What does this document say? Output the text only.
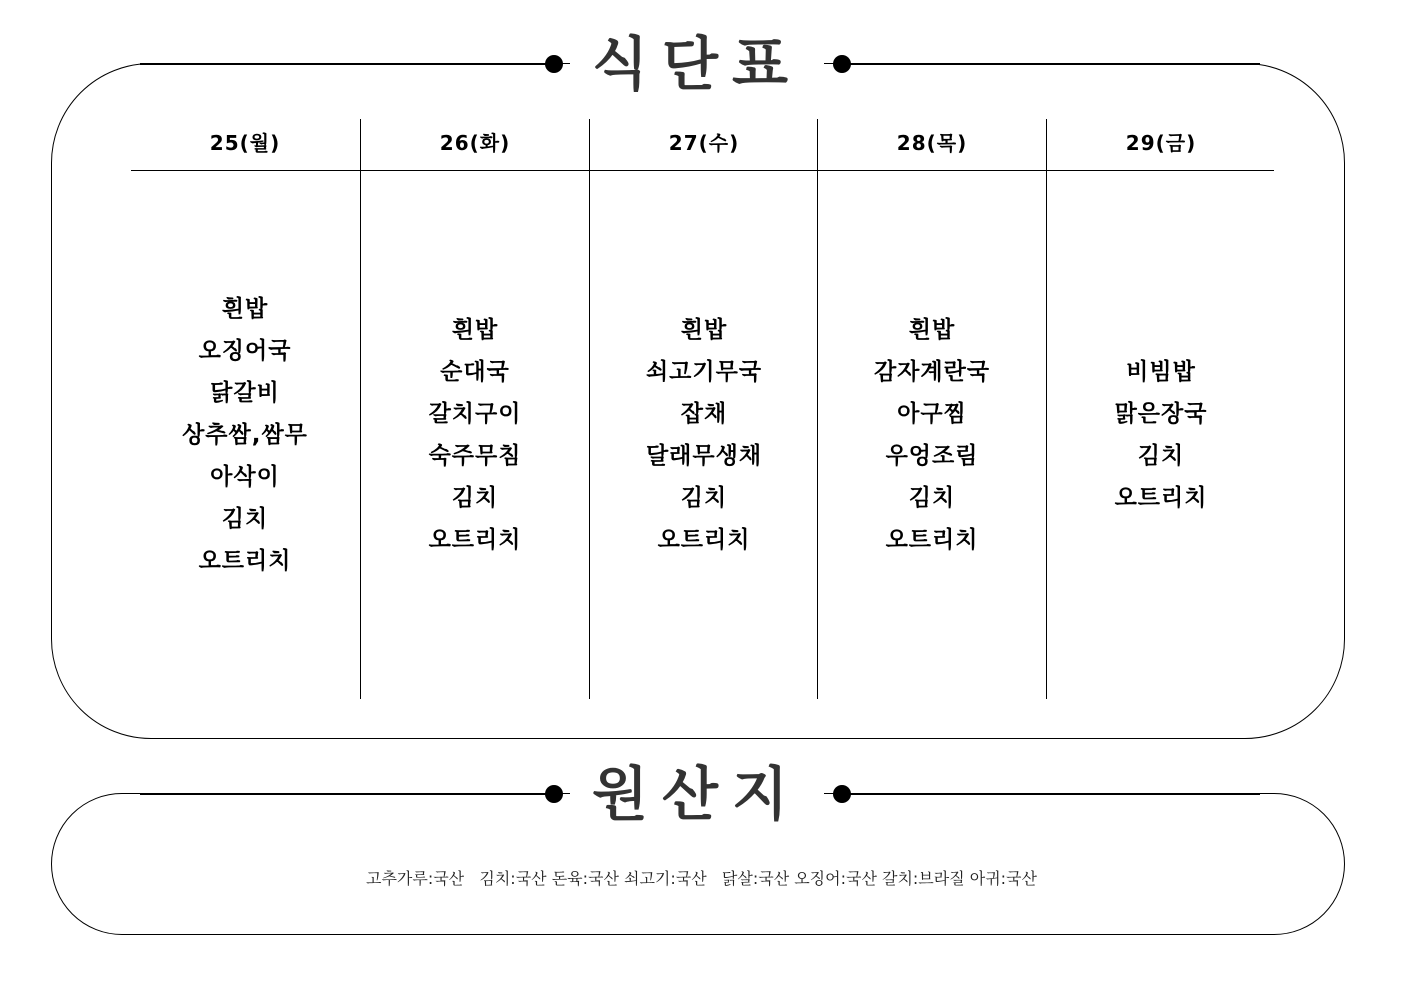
식단표
원산지
25(월)
흰밥
오징어국
닭갈비
상추쌈,쌈무
아삭이
김치
오트리치
26(화)
흰밥
순대국
갈치구이
숙주무침
김치
오트리치
27(수)
흰밥
쇠고기무국
잡채
달래무생채
김치
오트리치
28(목)
흰밥
감자계란국
아구찜
우엉조림
김치
오트리치
29(금)
비빔밥
맑은장국
김치
오트리치
고추가루:국산   김치:국산 돈육:국산 쇠고기:국산   닭살:국산 오징어:국산 갈치:브라질 아귀:국산
